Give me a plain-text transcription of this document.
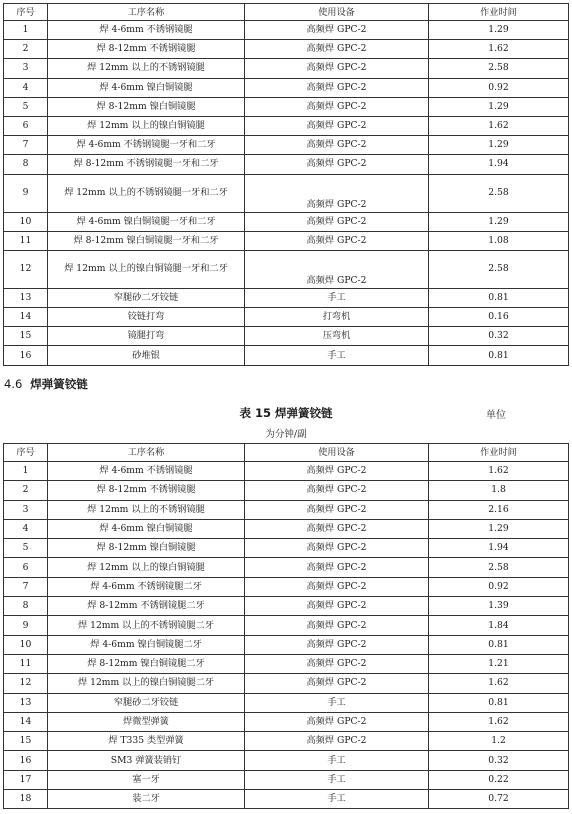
序号	工序名称	使用设备	作业时间
1	焊 4-6mm 不锈钢镜腿	高频焊 GPC-2	1.29
2	焊 8-12mm 不锈钢镜腿	高频焊 GPC-2	1.62
3	焊 12mm 以上的不锈钢镜腿	高频焊 GPC-2	2.58
4	焊 4-6mm 镍白铜镜腿	高频焊 GPC-2	0.92
5	焊 8-12mm 镍白铜镜腿	高频焊 GPC-2	1.29
6	焊 12mm 以上的镍白铜镜腿	高频焊 GPC-2	1.62
7	焊 4-6mm 不锈钢镜腿一牙和二牙	高频焊 GPC-2	1.29
8	焊 8-12mm 不锈钢镜腿一牙和二牙	高频焊 GPC-2	1.94
9	焊 12mm 以上的不锈钢镜腿一牙和二牙	高频焊 GPC-2	2.58
10	焊 4-6mm 镍白铜镜腿一牙和二牙	高频焊 GPC-2	1.29
11	焊 8-12mm 镍白铜镜腿一牙和二牙	高频焊 GPC-2	1.08
12	焊 12mm 以上的镍白铜镜腿一牙和二牙	高频焊 GPC-2	2.58
13	窄腿砂二牙铰链	手工	0.81
14	铰链打弯	打弯机	0.16
15	镜腿打弯	压弯机	0.32
16	砂堆银	手工	0.81
4.6 焊弹簧铰链
表 15 焊弹簧铰链	单位
为分钟/副
序号	工序名称	使用设备	作业时间
1	焊 4-6mm 不锈钢镜腿	高频焊 GPC-2	1.62
2	焊 8-12mm 不锈钢镜腿	高频焊 GPC-2	1.8
3	焊 12mm 以上的不锈钢镜腿	高频焊 GPC-2	2.16
4	焊 4-6mm 镍白铜镜腿	高频焊 GPC-2	1.29
5	焊 8-12mm 镍白铜镜腿	高频焊 GPC-2	1.94
6	焊 12mm 以上的镍白铜镜腿	高频焊 GPC-2	2.58
7	焊 4-6mm 不锈钢镜腿二牙	高频焊 GPC-2	0.92
8	焊 8-12mm 不锈钢镜腿二牙	高频焊 GPC-2	1.39
9	焊 12mm 以上的不锈钢镜腿二牙	高频焊 GPC-2	1.84
10	焊 4-6mm 镍白铜镜腿二牙	高频焊 GPC-2	0.81
11	焊 8-12mm 镍白铜镜腿二牙	高频焊 GPC-2	1.21
12	焊 12mm 以上的镍白铜镜腿二牙	高频焊 GPC-2	1.62
13	窄腿砂二牙铰链	手工	0.81
14	焊微型弹簧	高频焊 GPC-2	1.62
15	焊 T335 类型弹簧	高频焊 GPC-2	1.2
16	SM3 弹簧装销钉	手工	0.32
17	塞一牙	手工	0.22
18	装二牙	手工	0.72
